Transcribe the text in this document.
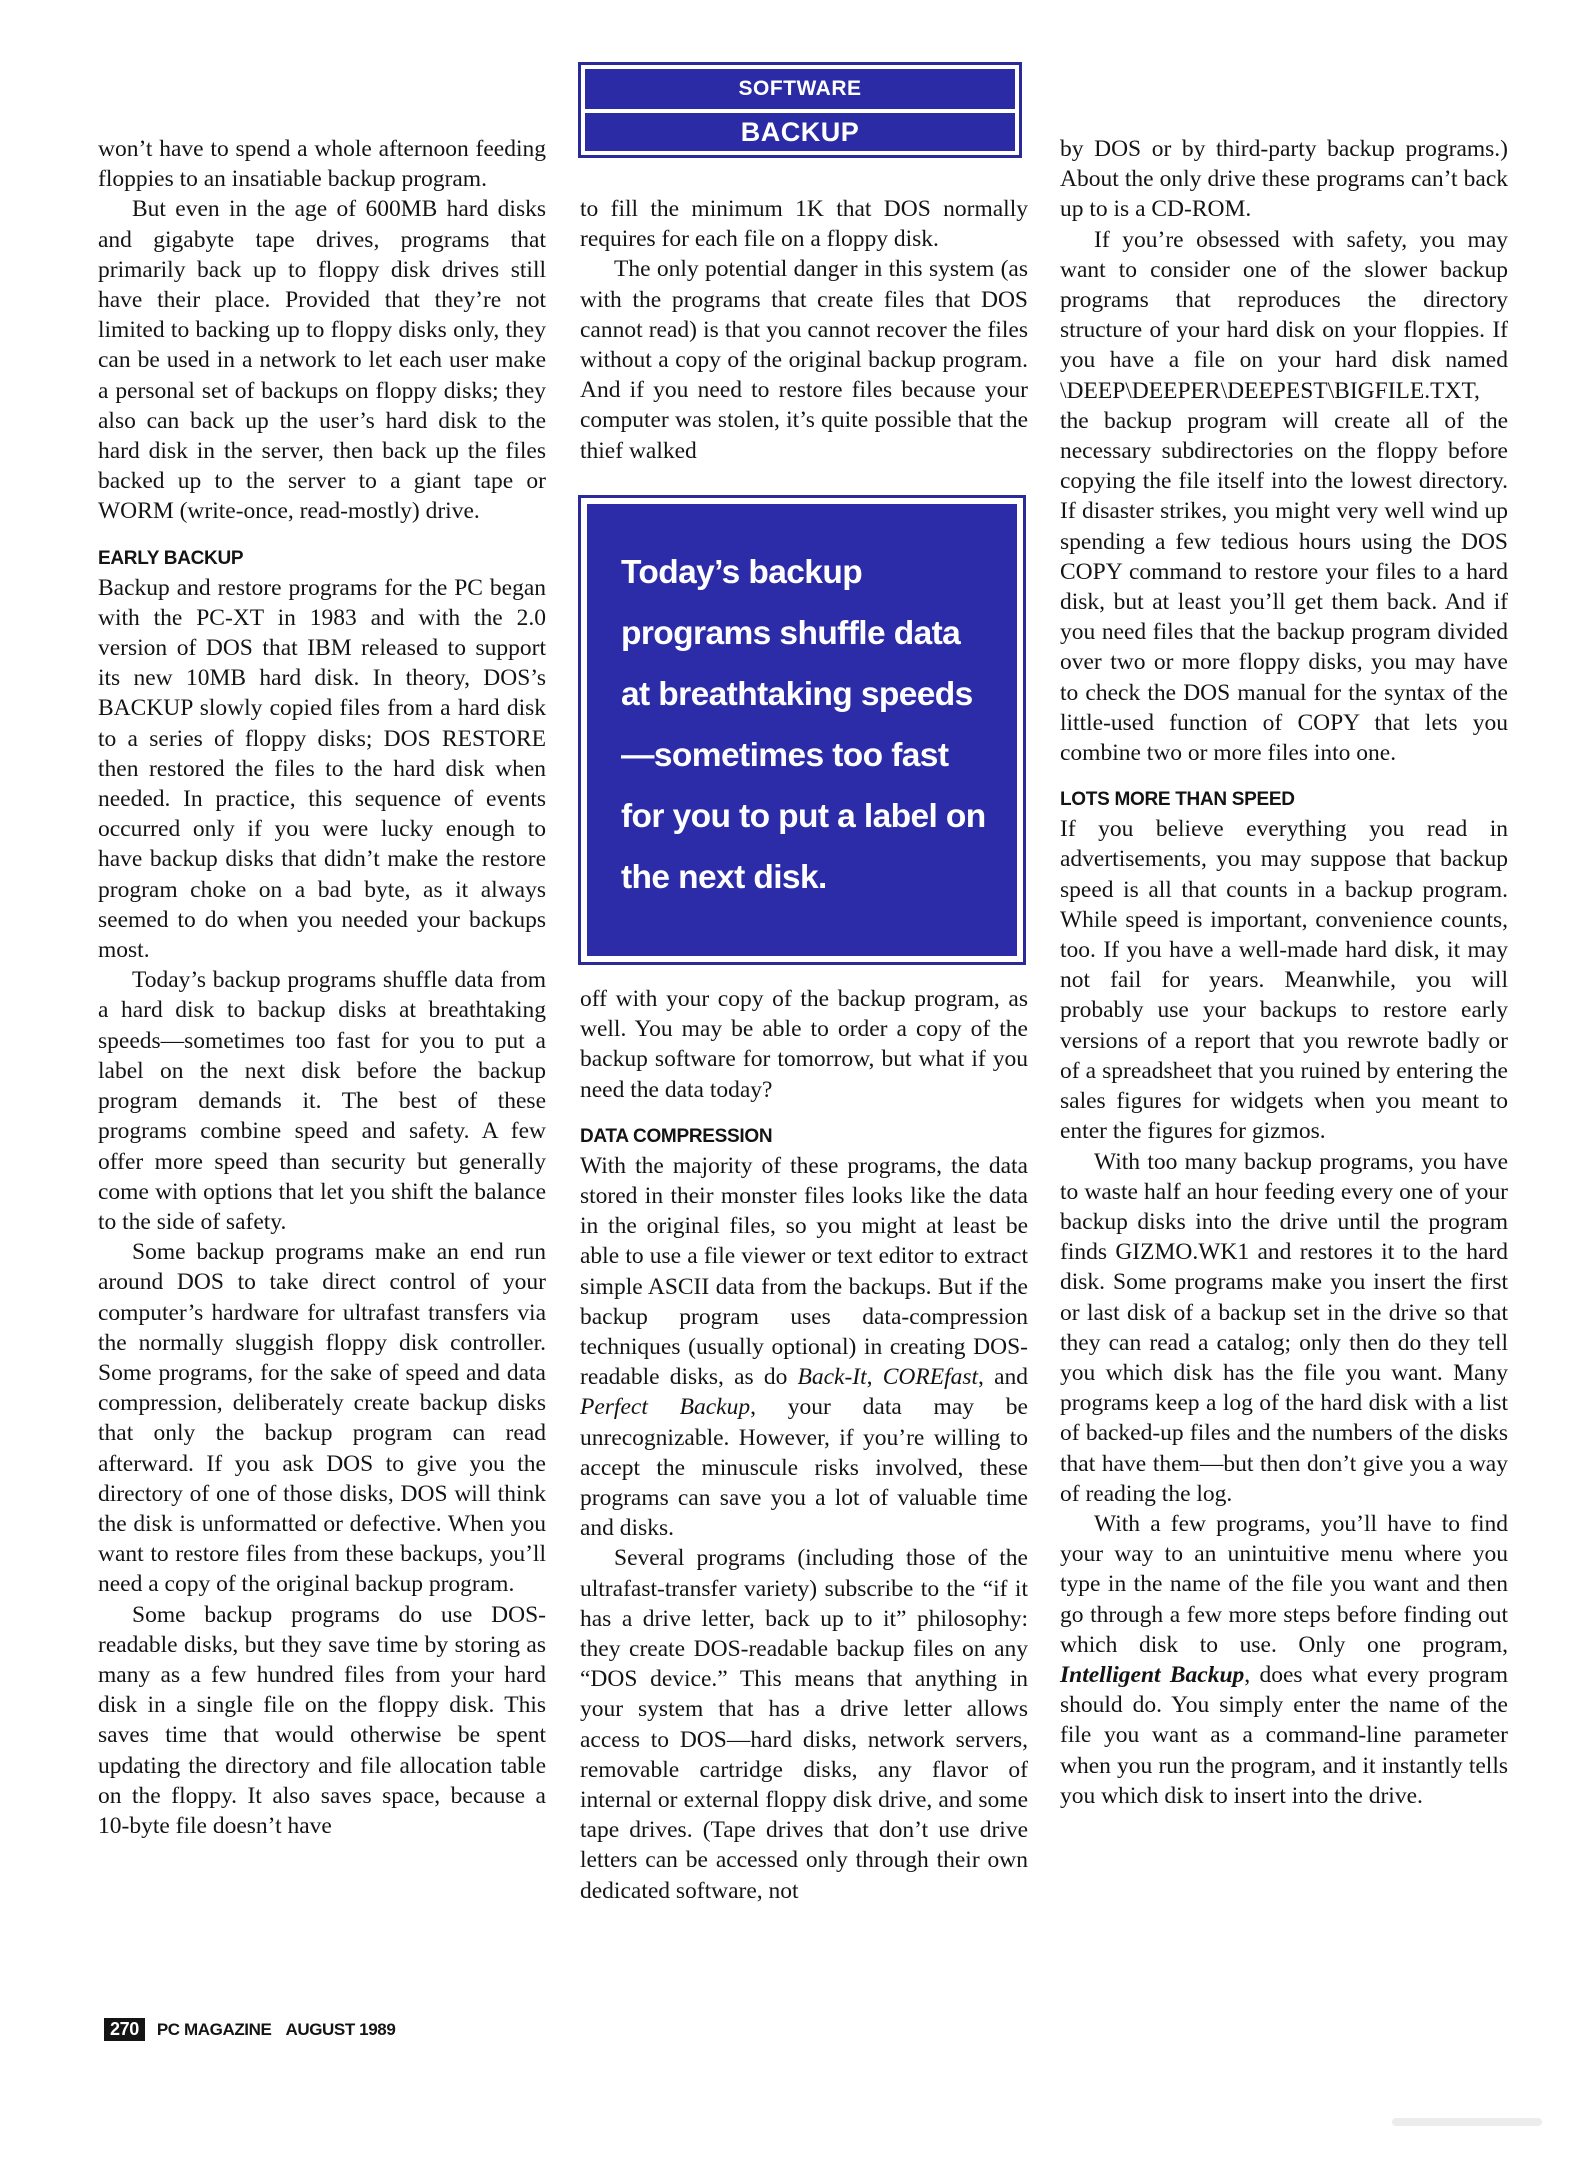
SOFTWARE
BACKUP

won’t have to spend a whole afternoon feeding floppies to an insatiable backup program.

But even in the age of 600MB hard disks and gigabyte tape drives, programs that primarily back up to floppy disk drives still have their place. Provided that they’re not limited to backing up to floppy disks only, they can be used in a network to let each user make a personal set of backups on floppy disks; they also can back up the user’s hard disk to the hard disk in the server, then back up the files backed up to the server to a giant tape or WORM (write-once, read-mostly) drive.

EARLY BACKUP

Backup and restore programs for the PC began with the PC-XT in 1983 and with the 2.0 version of DOS that IBM released to support its new 10MB hard disk. In theory, DOS’s BACKUP slowly copied files from a hard disk to a series of floppy disks; DOS RESTORE then restored the files to the hard disk when needed. In practice, this sequence of events occurred only if you were lucky enough to have backup disks that didn’t make the restore program choke on a bad byte, as it always seemed to do when you needed your backups most.

Today’s backup programs shuffle data from a hard disk to backup disks at breathtaking speeds—sometimes too fast for you to put a label on the next disk before the backup program demands it. The best of these programs combine speed and safety. A few offer more speed than security but generally come with options that let you shift the balance to the side of safety.

Some backup programs make an end run around DOS to take direct control of your computer’s hardware for ultrafast transfers via the normally sluggish floppy disk controller. Some programs, for the sake of speed and data compression, deliberately create backup disks that only the backup program can read afterward. If you ask DOS to give you the directory of one of those disks, DOS will think the disk is unformatted or defective. When you want to restore files from these backups, you’ll need a copy of the original backup program.

Some backup programs do use DOS-readable disks, but they save time by storing as many as a few hundred files from your hard disk in a single file on the floppy disk. This saves time that would otherwise be spent updating the directory and file allocation table on the floppy. It also saves space, because a 10-byte file doesn’t have

to fill the minimum 1K that DOS normally requires for each file on a floppy disk.

The only potential danger in this system (as with the programs that create files that DOS cannot read) is that you cannot recover the files without a copy of the original backup program. And if you need to restore files because your computer was stolen, it’s quite possible that the thief walked

Today’s backup programs shuffle data at breathtaking speeds—sometimes too fast for you to put a label on the next disk.

off with your copy of the backup program, as well. You may be able to order a copy of the backup software for tomorrow, but what if you need the data today?

DATA COMPRESSION

With the majority of these programs, the data stored in their monster files looks like the data in the original files, so you might at least be able to use a file viewer or text editor to extract simple ASCII data from the backups. But if the backup program uses data-compression techniques (usually optional) in creating DOS-readable disks, as do Back-It, COREfast, and Perfect Backup, your data may be unrecognizable. However, if you’re willing to accept the minuscule risks involved, these programs can save you a lot of valuable time and disks.

Several programs (including those of the ultrafast-transfer variety) subscribe to the “if it has a drive letter, back up to it” philosophy: they create DOS-readable backup files on any “DOS device.” This means that anything in your system that has a drive letter allows access to DOS—hard disks, network servers, removable cartridge disks, any flavor of internal or external floppy disk drive, and some tape drives. (Tape drives that don’t use drive letters can be accessed only through their own dedicated software, not

by DOS or by third-party backup programs.) About the only drive these programs can’t back up to is a CD-ROM.

If you’re obsessed with safety, you may want to consider one of the slower backup programs that reproduces the directory structure of your hard disk on your floppies. If you have a file on your hard disk named \DEEP\DEEPER\DEEPEST\BIGFILE.TXT, the backup program will create all of the necessary subdirectories on the floppy before copying the file itself into the lowest directory. If disaster strikes, you might very well wind up spending a few tedious hours using the DOS COPY command to restore your files to a hard disk, but at least you’ll get them back. And if you need files that the backup program divided over two or more floppy disks, you may have to check the DOS manual for the syntax of the little-used function of COPY that lets you combine two or more files into one.

LOTS MORE THAN SPEED

If you believe everything you read in advertisements, you may suppose that backup speed is all that counts in a backup program. While speed is important, convenience counts, too. If you have a well-made hard disk, it may not fail for years. Meanwhile, you will probably use your backups to restore early versions of a report that you rewrote badly or of a spreadsheet that you ruined by entering the sales figures for widgets when you meant to enter the figures for gizmos.

With too many backup programs, you have to waste half an hour feeding every one of your backup disks into the drive until the program finds GIZMO.WK1 and restores it to the hard disk. Some programs make you insert the first or last disk of a backup set in the drive so that they can read a catalog; only then do they tell you which disk has the file you want. Many programs keep a log of the hard disk with a list of backed-up files and the numbers of the disks that have them—but then don’t give you a way of reading the log.

With a few programs, you’ll have to find your way to an unintuitive menu where you type in the name of the file you want and then go through a few more steps before finding out which disk to use. Only one program, Intelligent Backup, does what every program should do. You simply enter the name of the file you want as a command-line parameter when you run the program, and it instantly tells you which disk to insert into the drive.

270	PC MAGAZINE AUGUST 1989
